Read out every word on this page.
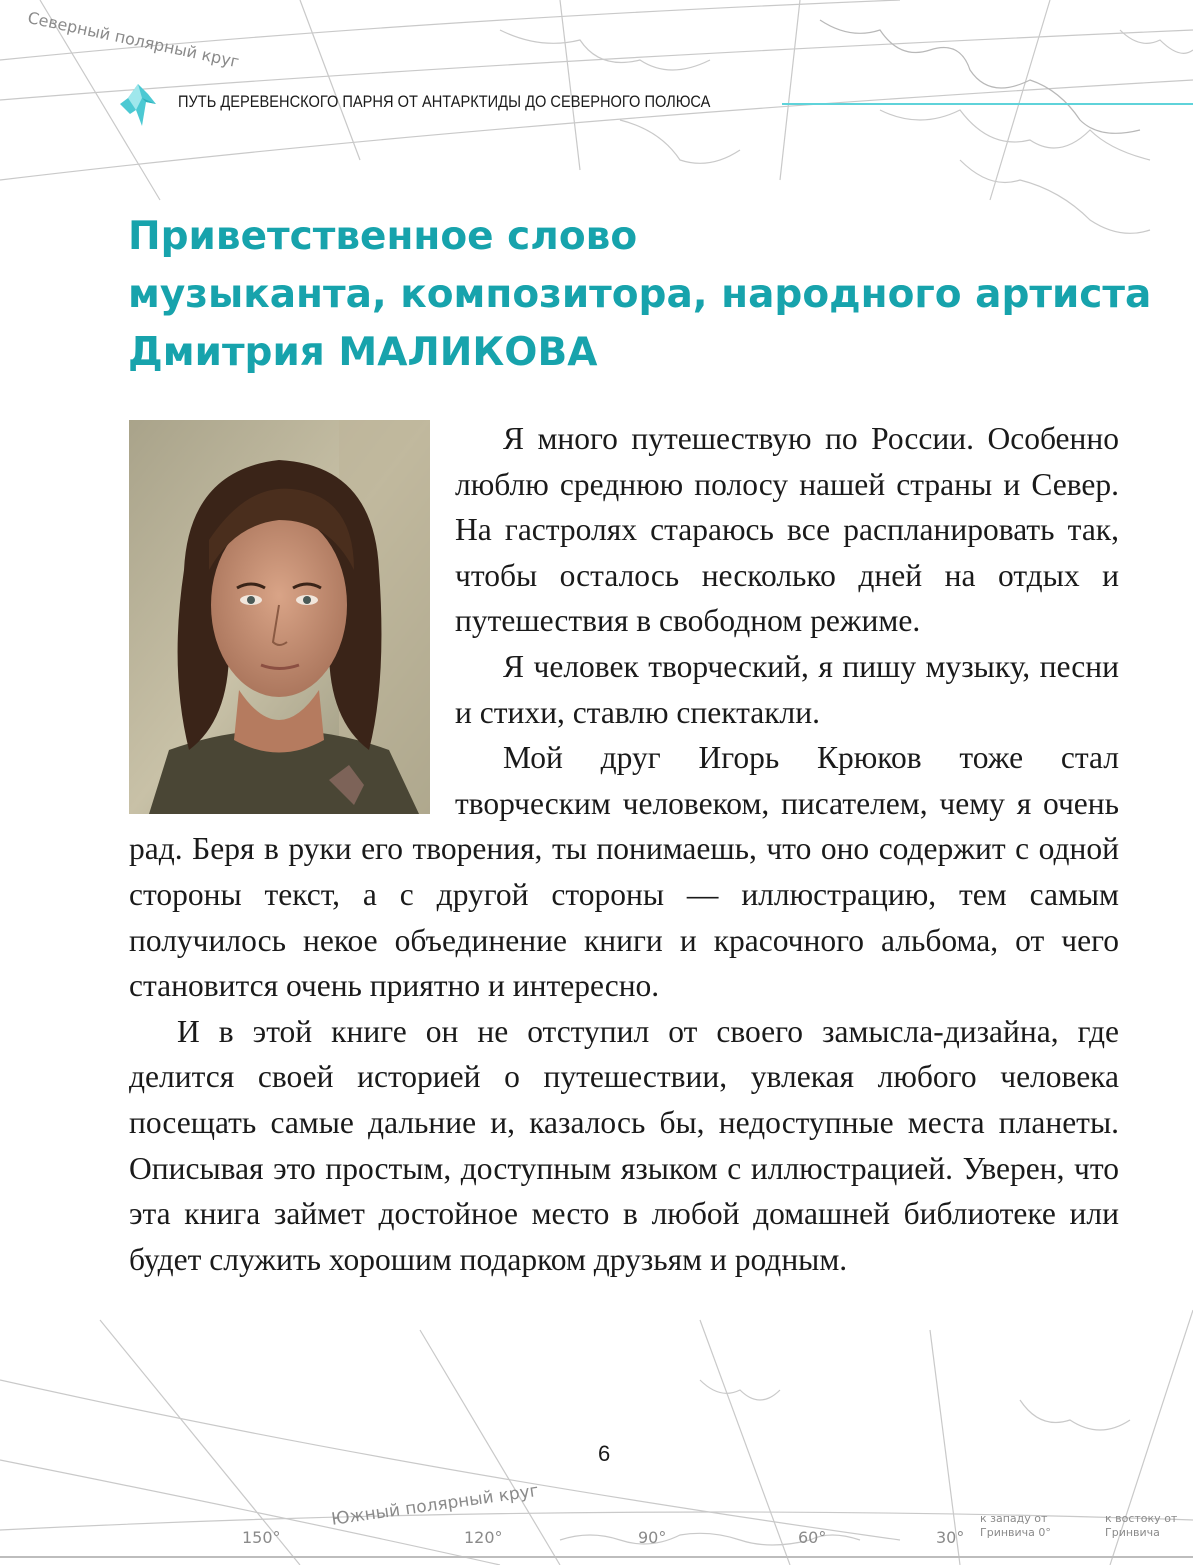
Северный полярный круг
Южный полярный круг
150°	120°	90°	60°	30°
к западу от Гринвича 0°
к востоку от Гринвича
ПУТЬ ДЕРЕВЕНСКОГО ПАРНЯ ОТ АНТАРКТИДЫ ДО СЕВЕРНОГО ПОЛЮСА
Приветственное слово
музыканта, композитора, народного артиста
Дмитрия МАЛИКОВА

Я много путешествую по России. Особенно люблю среднюю полосу нашей страны и Север. На гастролях стараюсь все распланировать так, чтобы осталось несколько дней на отдых и путешествия в свободном режиме.

Я человек творческий, я пишу музыку, песни и стихи, ставлю спектакли.

Мой друг Игорь Крюков тоже стал творческим человеком, писателем, чему я очень рад. Беря в руки его творения, ты понимаешь, что оно содержит с одной стороны текст, а с другой стороны — иллюстрацию, тем самым получилось некое объединение книги и красочного альбома, от чего становится очень приятно и интересно.

И в этой книге он не отступил от своего замысла-дизайна, где делится своей историей о путешествии, увлекая любого человека посещать самые дальние и, казалось бы, недоступные места планеты. Описывая это простым, доступным языком с иллюстрацией. Уверен, что эта книга займет достойное место в любой домашней библиотеке или будет служить хорошим подарком друзьям и родным.

6
